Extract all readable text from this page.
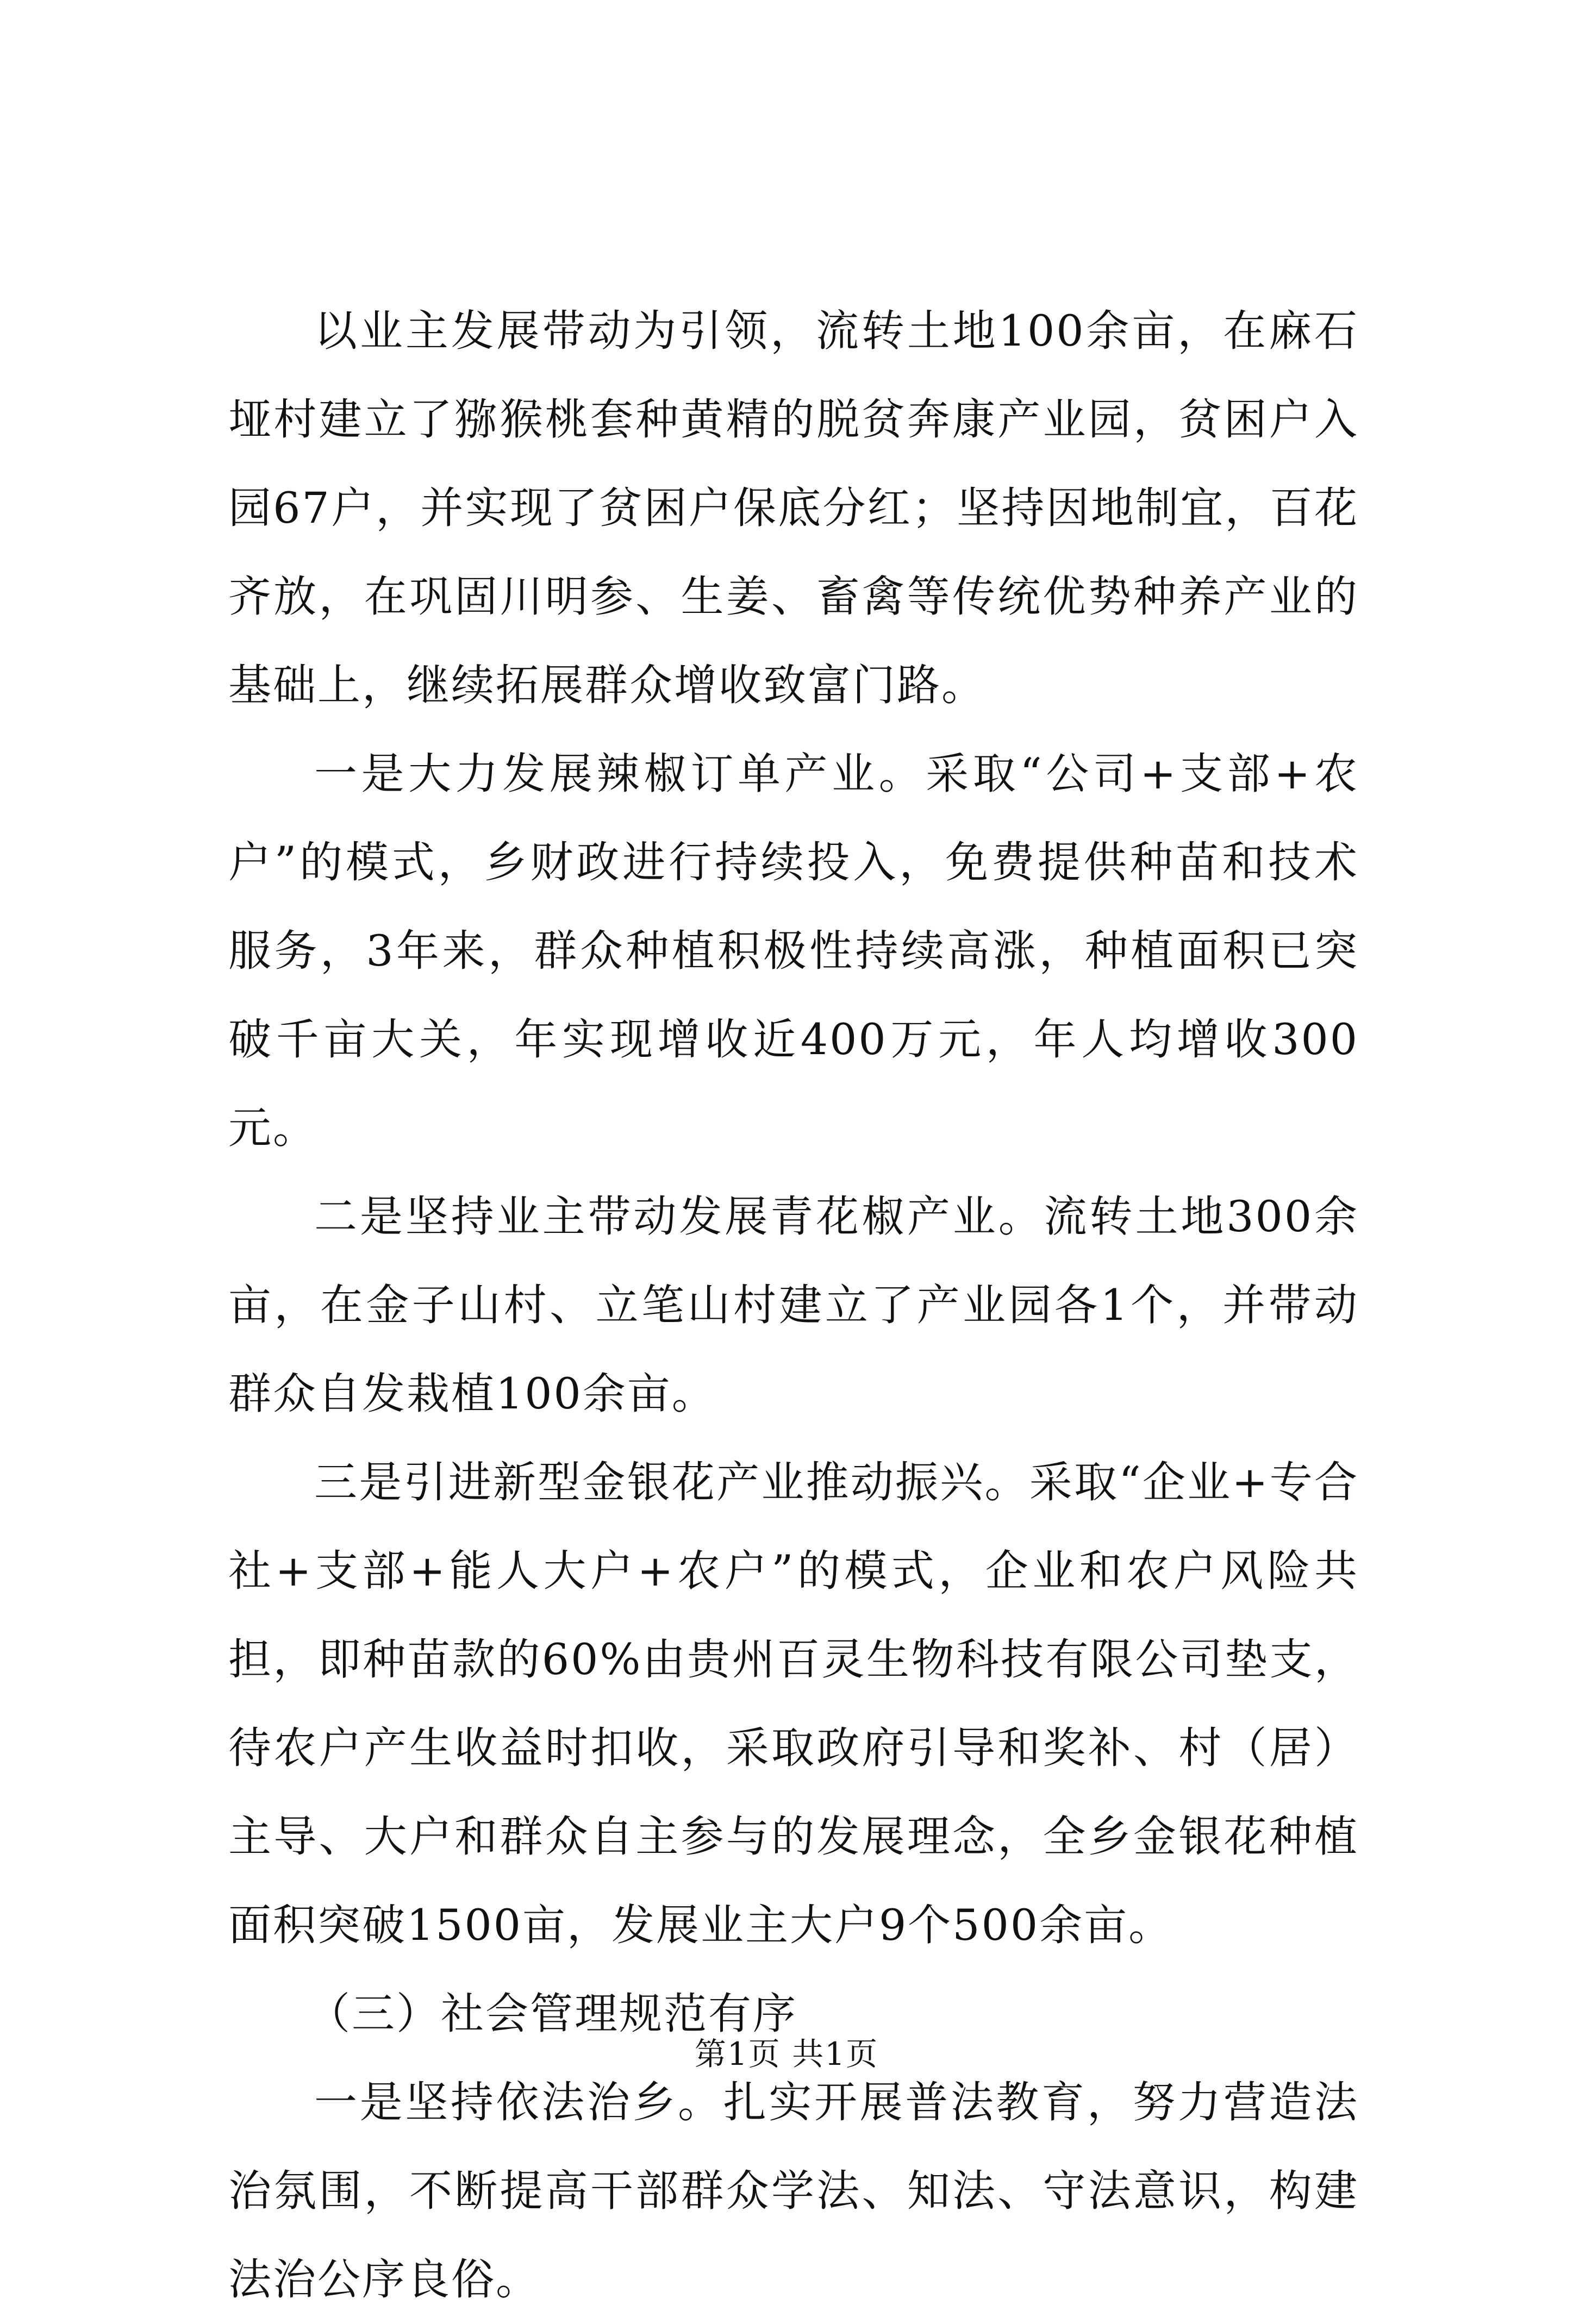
以业主发展带动为引领，流转土地100余亩，在麻石垭村建立了猕猴桃套种黄精的脱贫奔康产业园，贫困户入园67户，并实现了贫困户保底分红；坚持因地制宜，百花齐放，在巩固川明参、生姜、畜禽等传统优势种养产业的基础上，继续拓展群众增收致富门路。

一是大力发展辣椒订单产业。采取“公司+支部+农户”的模式，乡财政进行持续投入，免费提供种苗和技术服务，3年来，群众种植积极性持续高涨，种植面积已突破千亩大关，年实现增收近400万元，年人均增收300元。

二是坚持业主带动发展青花椒产业。流转土地300余亩，在金子山村、立笔山村建立了产业园各1个，并带动群众自发栽植100余亩。

三是引进新型金银花产业推动振兴。采取“企业+专合社+支部+能人大户+农户”的模式，企业和农户风险共担，即种苗款的60%由贵州百灵生物科技有限公司垫支，待农户产生收益时扣收，采取政府引导和奖补、村（居）主导、大户和群众自主参与的发展理念，全乡金银花种植面积突破1500亩，发展业主大户9个500余亩。

（三）社会管理规范有序

一是坚持依法治乡。扎实开展普法教育，努力营造法治氛围，不断提高干部群众学法、知法、守法意识，构建法治公序良俗。

第1页 共1页
